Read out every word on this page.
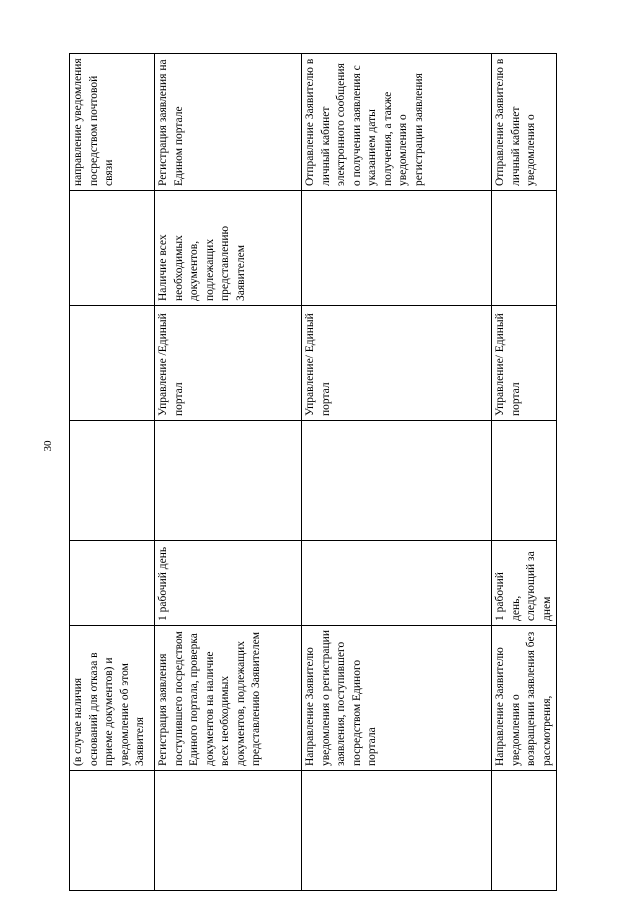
30
	(в случае наличия оснований для отказа в приеме документов) и уведомление об этом Заявителя					направление уведомления посредством почтовой связи
	Регистрация заявления поступившего посредством Единого портала, проверка документов на наличие всех необходимых документов, подлежащих представлению Заявителем	1 рабочий день		Управление /Единый портал	Наличие всех необходимых документов, подлежащих представлению Заявителем	Регистрация заявления на Едином портале
	Направление Заявителю уведомления о регистрации заявления, поступившего посредством Единого портала			Управление/ Единый портал		Отправление Заявителю в личный кабинет электронного сообщения о получении заявления с указанием даты получения, а также уведомления о регистрации заявления
	Направление Заявителю уведомления о возвращении заявления без рассмотрения,	1 рабочий день, следующий за днем		Управление/ Единый портал		Отправление Заявителю в личный кабинет уведомления о
